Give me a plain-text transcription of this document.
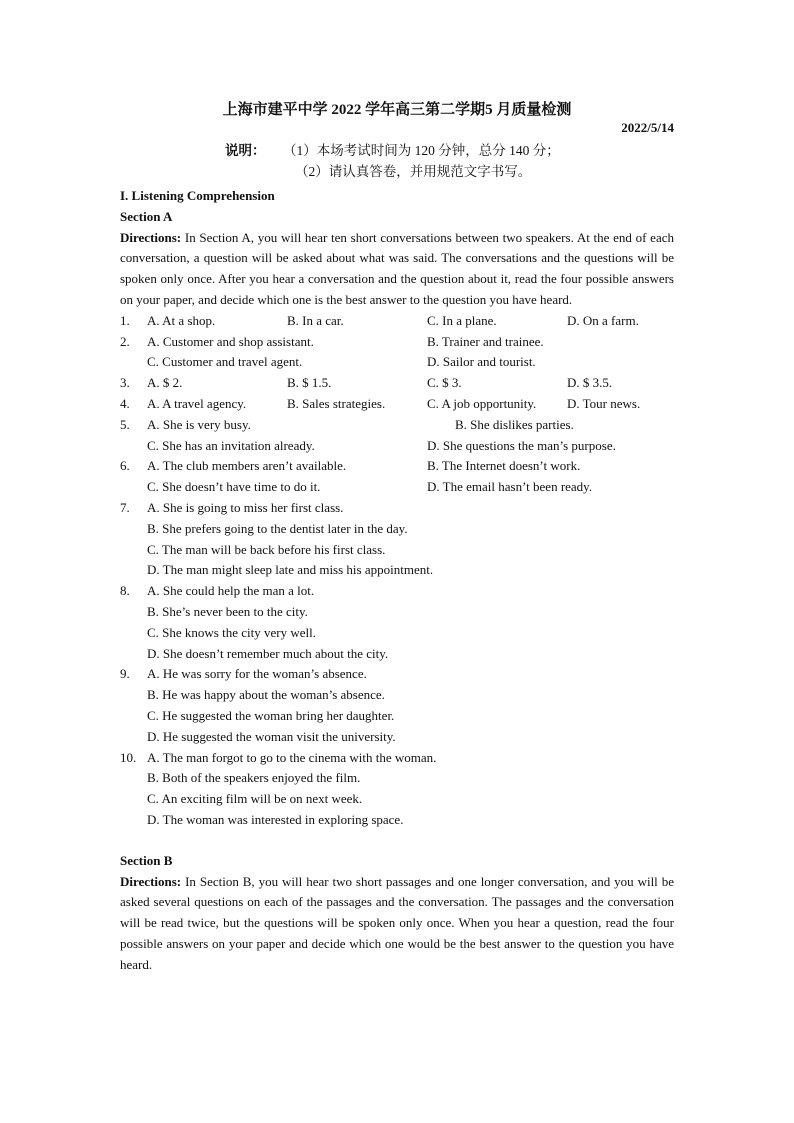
上海市建平中学 2022 学年高三第二学期5 月质量检测
2022/5/14
说明： （1）本场考试时间为 120 分钟，总分 140 分；
（2）请认真答卷，并用规范文字书写。
I. Listening Comprehension
Section A
Directions: In Section A, you will hear ten short conversations between two speakers. At the end of each conversation, a question will be asked about what was said. The conversations and the questions will be spoken only once. After you hear a conversation and the question about it, read the four possible answers on your paper, and decide which one is the best answer to the question you have heard.
1.	A. At a shop.	B. In a car.	C. In a plane.	D. On a farm.
2.	A. Customer and shop assistant.	B. Trainer and trainee.
C. Customer and travel agent.	D. Sailor and tourist.
3.	A. $ 2.	B. $ 1.5.	C. $ 3.	D. $ 3.5.
4.	A. A travel agency.	B. Sales strategies.	C. A job opportunity.	D. Tour news.
5.	A. She is very busy.	B. She dislikes parties.
C. She has an invitation already.	D. She questions the man’s purpose.
6.	A. The club members aren’t available.	B. The Internet doesn’t work.
C. She doesn’t have time to do it.	D. The email hasn’t been ready.
7.	A. She is going to miss her first class.
B. She prefers going to the dentist later in the day.
C. The man will be back before his first class.
D. The man might sleep late and miss his appointment.
8.	A. She could help the man a lot.
B. She’s never been to the city.
C. She knows the city very well.
D. She doesn’t remember much about the city.
9.	A. He was sorry for the woman’s absence.
B. He was happy about the woman’s absence.
C. He suggested the woman bring her daughter.
D. He suggested the woman visit the university.
10. A. The man forgot to go to the cinema with the woman.
B. Both of the speakers enjoyed the film.
C. An exciting film will be on next week.
D. The woman was interested in exploring space.
Section B
Directions: In Section B, you will hear two short passages and one longer conversation, and you will be asked several questions on each of the passages and the conversation. The passages and the conversation will be read twice, but the questions will be spoken only once. When you hear a question, read the four possible answers on your paper and decide which one would be the best answer to the question you have heard.
